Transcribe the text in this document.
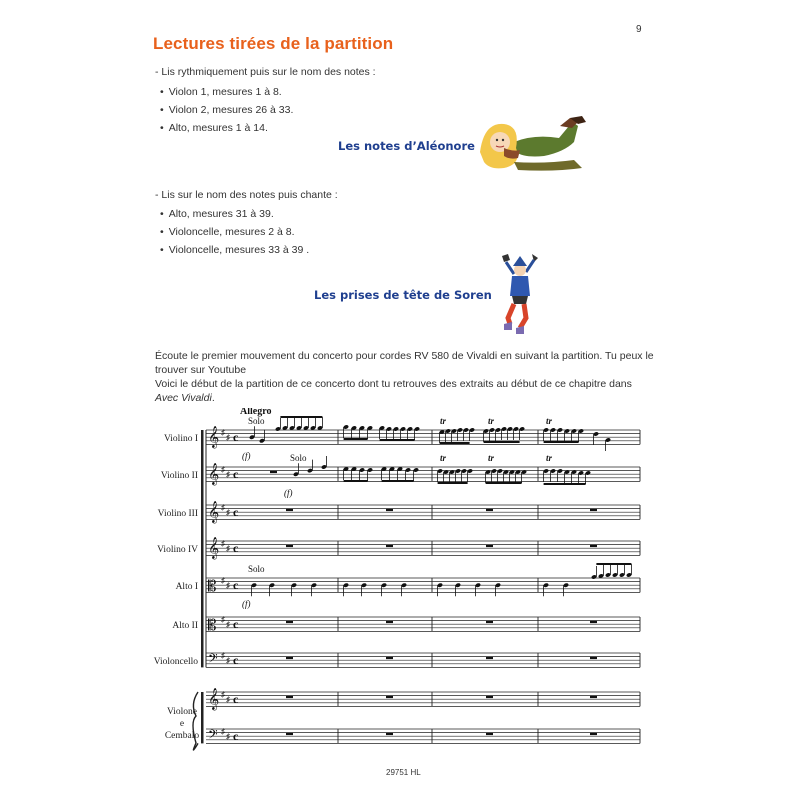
9
Lectures tirées de la partition
- Lis rythmiquement puis sur le nom des notes :
• Violon 1, mesures 1 à 8.
• Violon 2, mesures 26 à 33.
• Alto, mesures 1 à 14.
Les notes d’Aléonore
- Lis sur le nom des notes puis chante :
• Alto, mesures 31 à 39.
• Violoncelle, mesures 2 à 8.
• Violoncelle, mesures 33 à 39 .
Les prises de tête de Soren
Écoute le premier mouvement du concerto pour cordes RV 580 de Vivaldi en suivant la partition. Tu peux le trouver sur Youtube
Voici le début de la partition de ce concerto dont tu retrouves des extraits au début de ce chapitre dans Avec Vivaldi.
Violino I
Violino II
Violino III
Violino IV
Alto I
Alto II
Violoncello
Violone
e
Cembalo
𝄞 ♯
♯ c
𝄞 ♯
♯ c
𝄞 ♯
♯ c
𝄞 ♯
♯ c
𝄡 ♯
♯ c
𝄡 ♯
♯ c
𝄢 ♯
♯ c
𝄞 ♯
♯ c
𝄢 ♯
♯ c
tr	tr	tr
Allegro
Solo
(f)	Solo
(f)
tr	tr	tr
Solo
(f)
29751 HL
